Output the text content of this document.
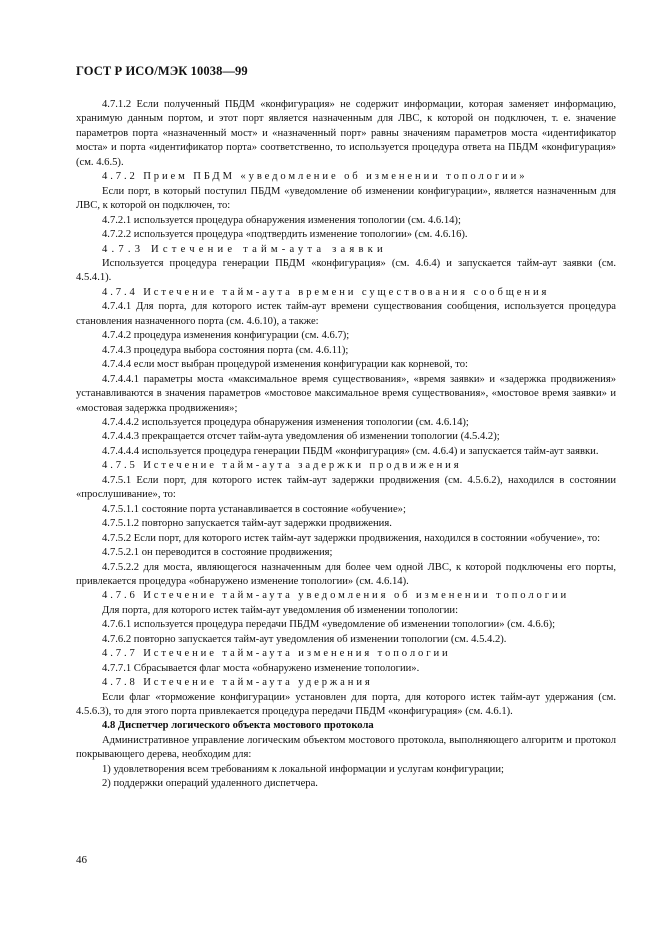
ГОСТ Р ИСО/МЭК 10038—99

4.7.1.2 Если полученный ПБДМ «конфигурация» не содержит информации, которая заменяет информацию, хранимую данным портом, и этот порт является назначенным для ЛВС, к которой он подключен, т. е. значение параметров порта «назначенный мост» и «назначенный порт» равны значениям параметров моста «идентификатор моста» и порта «идентификатор порта» соответственно, то используется процедура ответа на ПБДМ «конфигурация» (см. 4.6.5).

4.7.2 Прием ПБДМ «уведомление об изменении топологии»

Если порт, в который поступил ПБДМ «уведомление об изменении конфигурации», является назначенным для ЛВС, к которой он подключен, то:

4.7.2.1 используется процедура обнаружения изменения топологии (см. 4.6.14);

4.7.2.2 используется процедура «подтвердить изменение топологии» (см. 4.6.16).

4.7.3 Истечение тайм-аута заявки

Используется процедура генерации ПБДМ «конфигурация» (см. 4.6.4) и запускается тайм-аут заявки (см. 4.5.4.1).

4.7.4 Истечение тайм-аута времени существования сообщения

4.7.4.1 Для порта, для которого истек тайм-аут времени существования сообщения, используется процедура становления назначенного порта (см. 4.6.10), а также:

4.7.4.2 процедура изменения конфигурации (см. 4.6.7);

4.7.4.3 процедура выбора состояния порта (см. 4.6.11);

4.7.4.4 если мост выбран процедурой изменения конфигурации как корневой, то:

4.7.4.4.1 параметры моста «максимальное время существования», «время заявки» и «задержка продвижения» устанавливаются в значения параметров «мостовое максимальное время существования», «мостовое время заявки» и «мостовая задержка продвижения»;

4.7.4.4.2 используется процедура обнаружения изменения топологии (см. 4.6.14);

4.7.4.4.3 прекращается отсчет тайм-аута уведомления об изменении топологии (4.5.4.2);

4.7.4.4.4 используется процедура генерации ПБДМ «конфигурация» (см. 4.6.4) и запускается тайм-аут заявки.

4.7.5 Истечение тайм-аута задержки продвижения

4.7.5.1 Если порт, для которого истек тайм-аут задержки продвижения (см. 4.5.6.2), находился в состоянии «прослушивание», то:

4.7.5.1.1 состояние порта устанавливается в состояние «обучение»;

4.7.5.1.2 повторно запускается тайм-аут задержки продвижения.

4.7.5.2 Если порт, для которого истек тайм-аут задержки продвижения, находился в состоянии «обучение», то:

4.7.5.2.1 он переводится в состояние продвижения;

4.7.5.2.2 для моста, являющегося назначенным для более чем одной ЛВС, к которой подключены его порты, привлекается процедура «обнаружено изменение топологии» (см. 4.6.14).

4.7.6 Истечение тайм-аута уведомления об изменении топологии

Для порта, для которого истек тайм-аут уведомления об изменении топологии:

4.7.6.1 используется процедура передачи ПБДМ «уведомление об изменении топологии» (см. 4.6.6);

4.7.6.2 повторно запускается тайм-аут уведомления об изменении топологии (см. 4.5.4.2).

4.7.7 Истечение тайм-аута изменения топологии

4.7.7.1 Сбрасывается флаг моста «обнаружено изменение топологии».

4.7.8 Истечение тайм-аута удержания

Если флаг «торможение конфигурации» установлен для порта, для которого истек тайм-аут удержания (см. 4.5.6.3), то для этого порта привлекается процедура передачи ПБДМ «конфигурация» (см. 4.6.1).

4.8 Диспетчер логического объекта мостового протокола

Административное управление логическим объектом мостового протокола, выполняющего алгоритм и протокол покрывающего дерева, необходим для:

1) удовлетворения всем требованиям к локальной информации и услугам конфигурации;

2) поддержки операций удаленного диспетчера.

46
